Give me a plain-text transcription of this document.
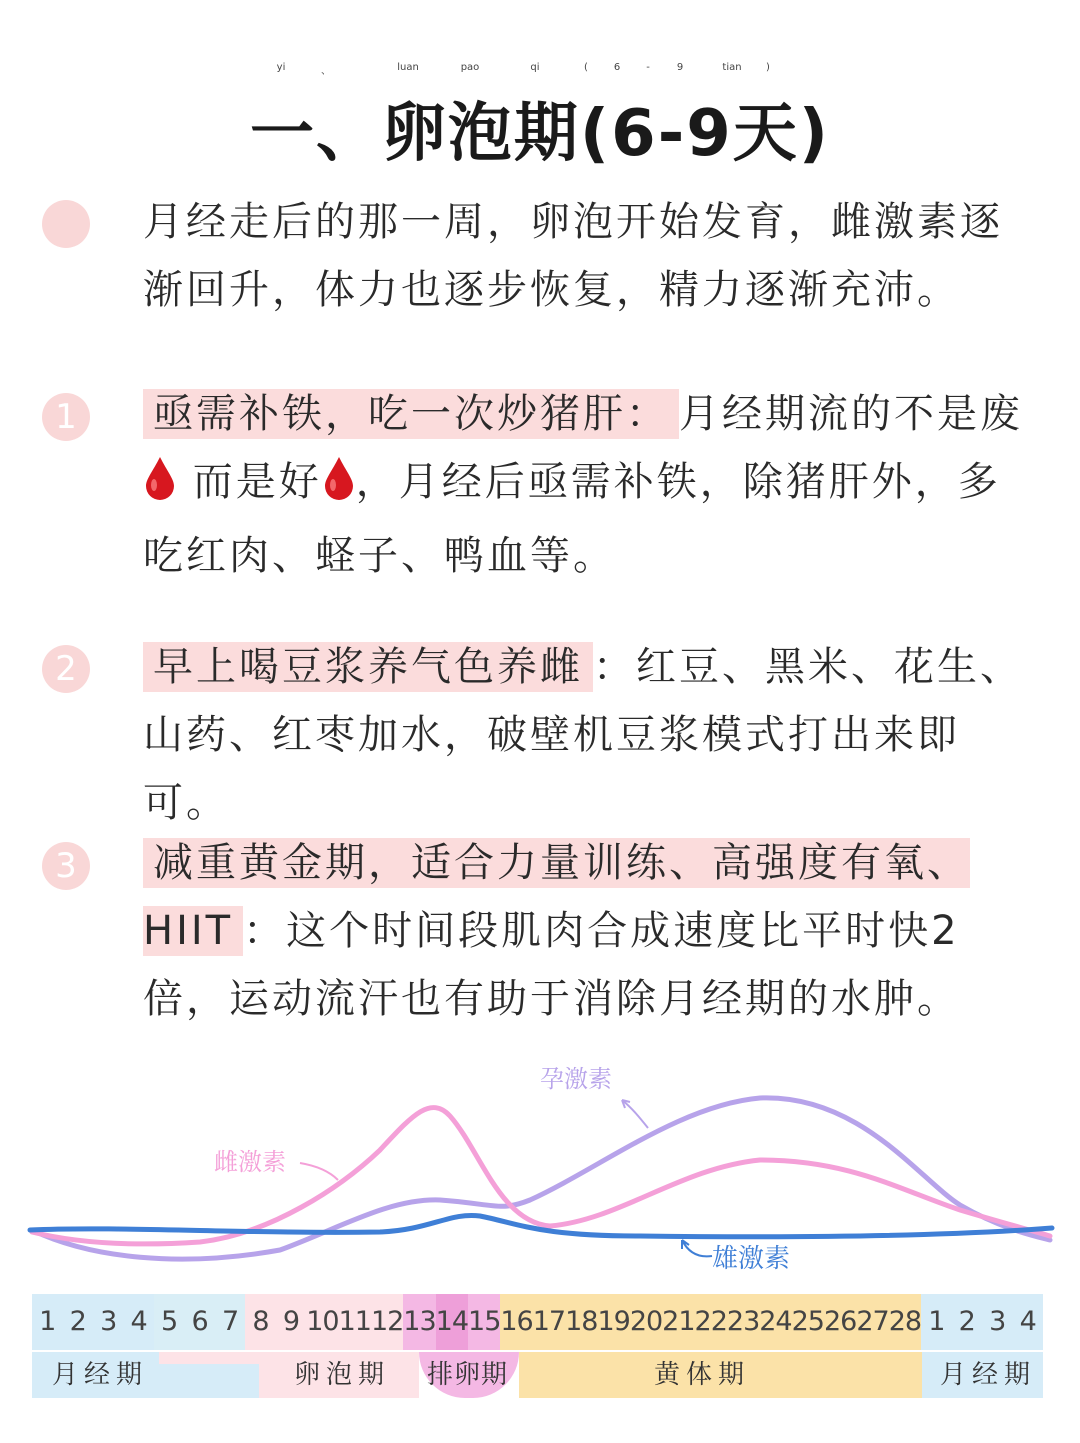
yi	、	luan	pao	qi	(	6	-	9	tian )
一、卵泡期(6-9天)
月经走后的那一周，卵泡开始发育，雌激素逐渐回升，体力也逐步恢复，精力逐渐充沛。
1	亟需补铁，吃一次炒猪肝： 月经期流的不是废
而是好 ，月经后亟需补铁，除猪肝外，多吃红肉、蛏子、鸭血等。
2	早上喝豆浆养气色养雌 ：红豆、黑米、花生、山药、红枣加水，破壁机豆浆模式打出来即可。
3	减重黄金期，适合力量训练、高强度有氧、HIIT ：这个时间段肌肉合成速度比平时快2倍，运动流汗也有助于消除月经期的水肿。
雌激素
孕激素
雄激素
1 2 3 4 5 6 7 8 9 10 11 12 13 14 15 16 17 18 19 20 21 22 23 24 25 26 27 28 1 2 3 4
月经期	卵泡期	排卵期	黄体期	月经期
